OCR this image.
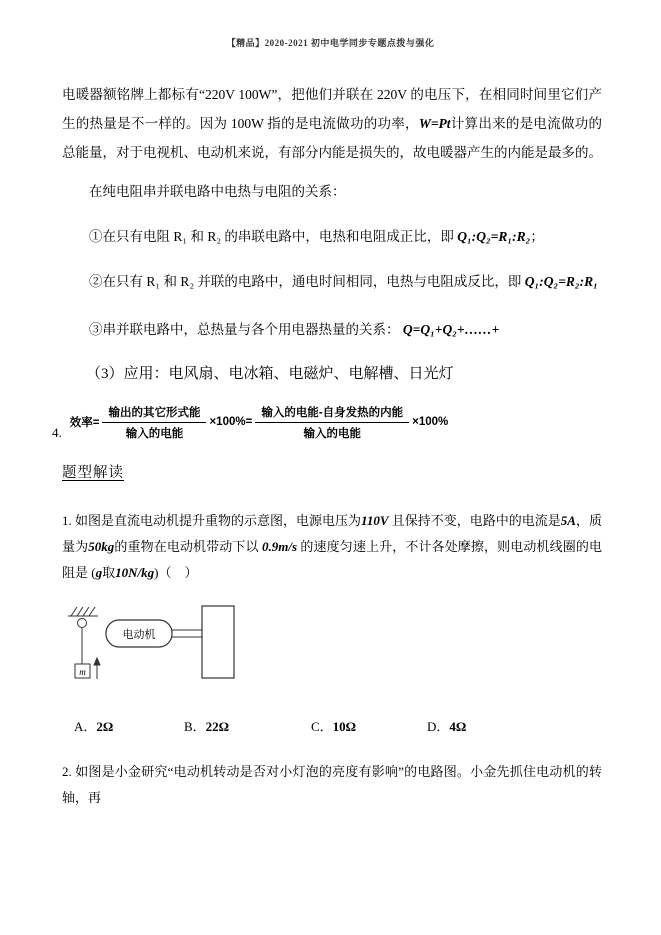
【精品】2020-2021 初中电学同步专题点拨与强化

电暖器额铭牌上都标有“220V 100W”，把他们并联在 220V 的电压下，在相同时间里它们产生的热量是不一样的。因为 100W 指的是电流做功的功率，W=Pt计算出来的是电流做功的总能量，对于电视机、电动机来说，有部分内能是损失的，故电暖器产生的内能是最多的。

在纯电阻串并联电路中电热与电阻的关系：

①在只有电阻 R₁ 和 R₂ 的串联电路中，电热和电阻成正比，即 Q₁:Q₂=R₁:R₂；

②在只有 R₁ 和 R₂ 并联的电路中，通电时间相同，电热与电阻成反比，即 Q₁:Q₂=R₂:R₁

③串并联电路中，总热量与各个用电器热量的关系： Q=Q₁+Q₂+……+

（3）应用：电风扇、电冰箱、电磁炉、电解槽、日光灯

4.
效率= $\frac{\text{输出的其它形式能}}{\text{输入的电能}} \times 100\%= \frac{\text{输入的电能-自身发热的内能}}{\text{输入的电能}} \times 100\%$
题型解读

1. 如图是直流电动机提升重物的示意图，电源电压为110V 且保持不变，电路中的电流是5A，质量为50kg的重物在电动机带动下以 0.9m/s 的速度匀速上升，不计各处摩擦，则电动机线圈的电阻是 (g取10N/kg)（　）

m
电动机
A．2Ω	B．22Ω	C．10Ω	D．4Ω

2. 如图是小金研究“电动机转动是否对小灯泡的亮度有影响”的电路图。小金先抓住电动机的转轴，再
